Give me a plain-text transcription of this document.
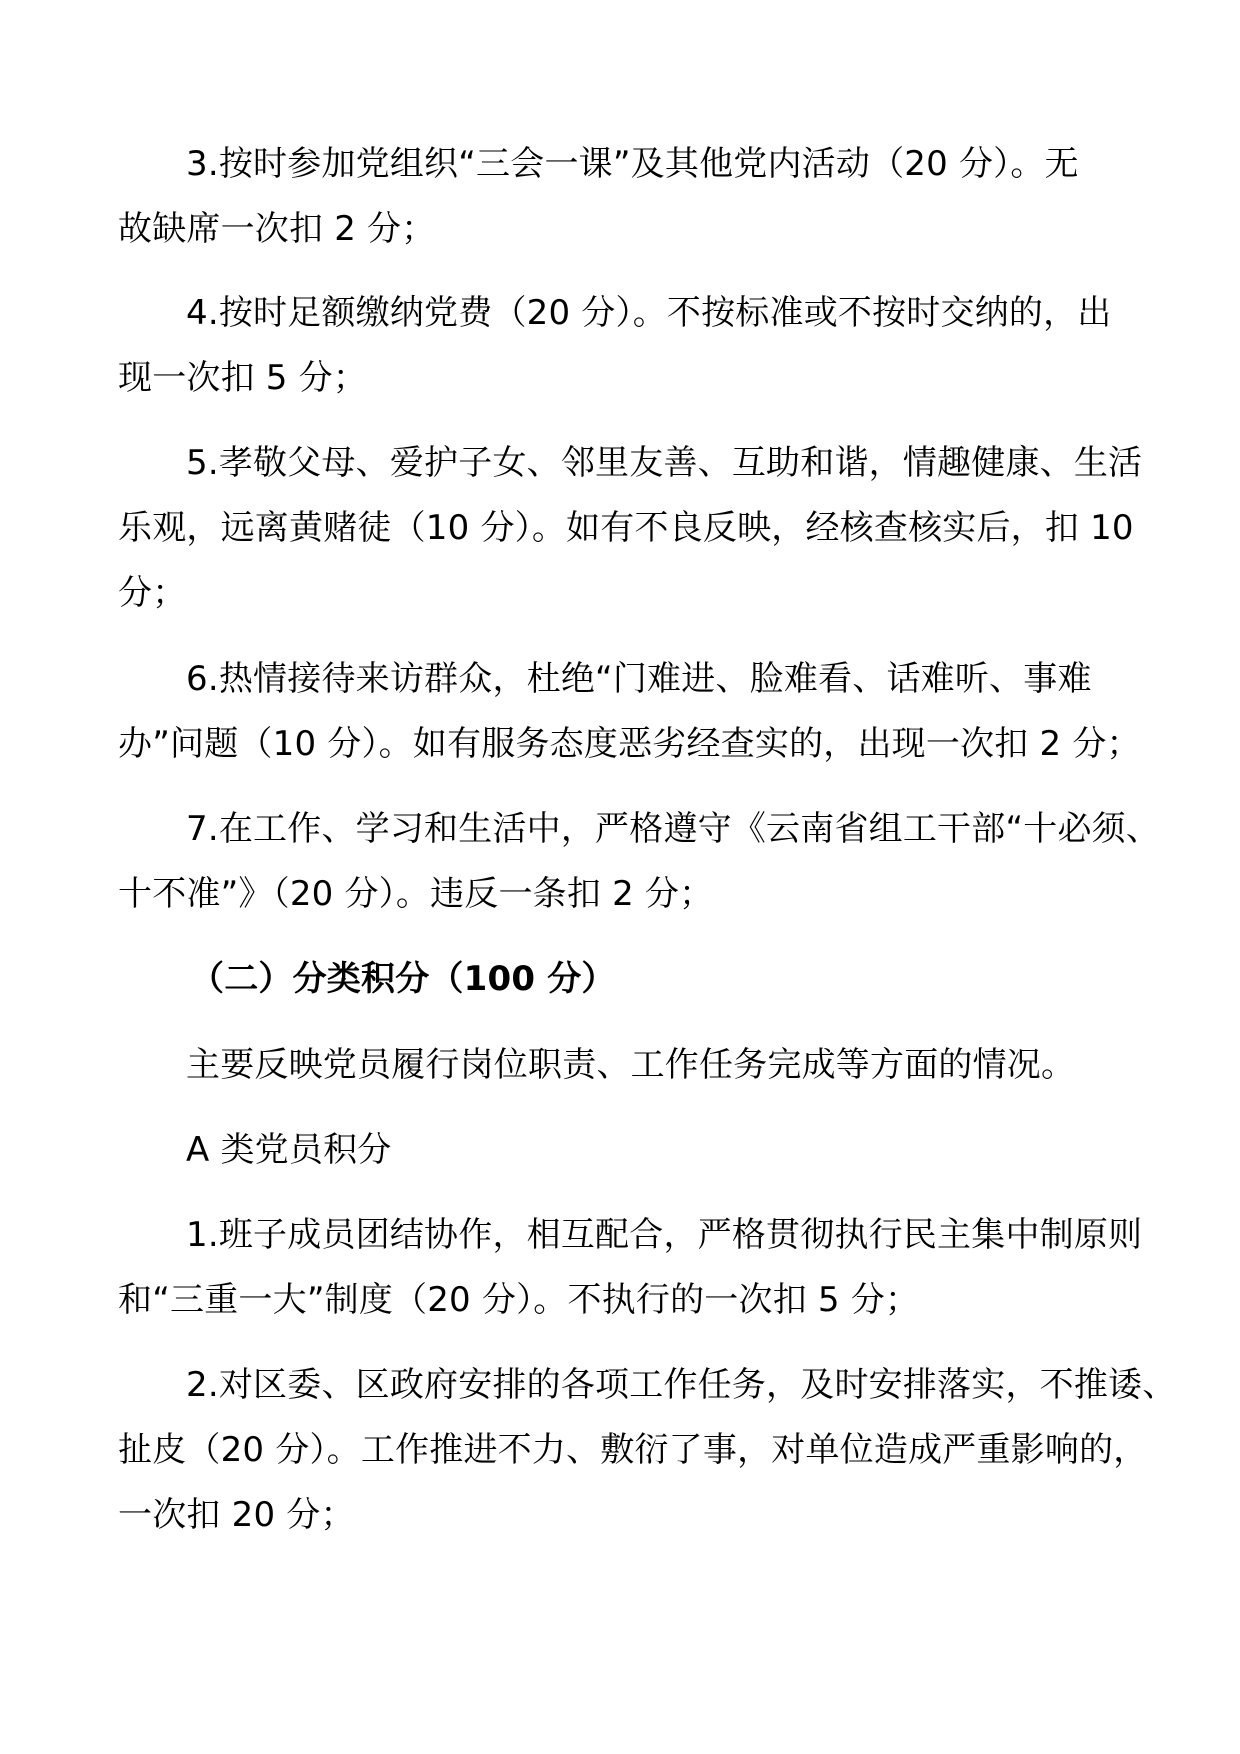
3.按时参加党组织“三会一课”及其他党内活动（20 分）。无
故缺席一次扣 2 分；
4.按时足额缴纳党费（20 分）。不按标准或不按时交纳的，出
现一次扣 5 分；
5.孝敬父母、爱护子女、邻里友善、互助和谐，情趣健康、生活
乐观，远离黄赌徒（10 分）。如有不良反映，经核查核实后，扣 10
分；
6.热情接待来访群众，杜绝“门难进、脸难看、话难听、事难
办”问题（10 分）。如有服务态度恶劣经查实的，出现一次扣 2 分；
7.在工作、学习和生活中，严格遵守《云南省组工干部“十必须、
十不准”》（20 分）。违反一条扣 2 分；
（二）分类积分（100 分）
主要反映党员履行岗位职责、工作任务完成等方面的情况。
A 类党员积分
1.班子成员团结协作，相互配合，严格贯彻执行民主集中制原则
和“三重一大”制度（20 分）。不执行的一次扣 5 分；
2.对区委、区政府安排的各项工作任务，及时安排落实，不推诿、
扯皮（20 分）。工作推进不力、敷衍了事，对单位造成严重影响的，
一次扣 20 分；
